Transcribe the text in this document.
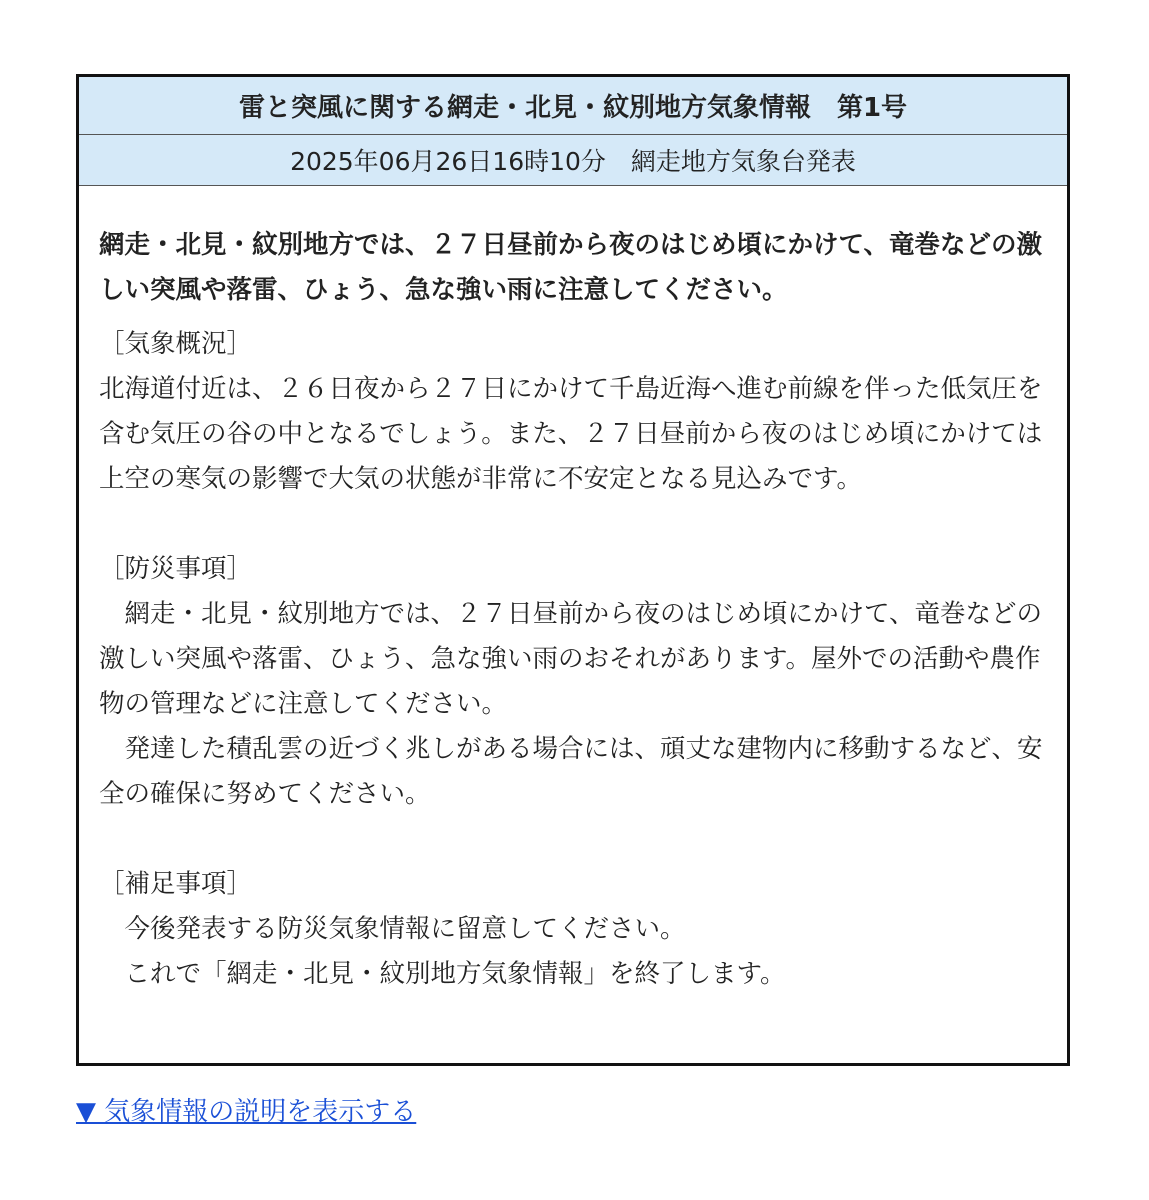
雷と突風に関する網走・北見・紋別地方気象情報　第1号
2025年06月26日16時10分　網走地方気象台発表
網走・北見・紋別地方では、２７日昼前から夜のはじめ頃にかけて、竜巻などの激しい突風や落雷、ひょう、急な強い雨に注意してください。
［気象概況］

北海道付近は、２６日夜から２７日にかけて千島近海へ進む前線を伴った低気圧を含む気圧の谷の中となるでしょう。また、２７日昼前から夜のはじめ頃にかけては上空の寒気の影響で大気の状態が非常に不安定となる見込みです。

［防災事項］

　網走・北見・紋別地方では、２７日昼前から夜のはじめ頃にかけて、竜巻などの激しい突風や落雷、ひょう、急な強い雨のおそれがあります。屋外での活動や農作物の管理などに注意してください。

　発達した積乱雲の近づく兆しがある場合には、頑丈な建物内に移動するなど、安全の確保に努めてください。

［補足事項］

　今後発表する防災気象情報に留意してください。

　これで「網走・北見・紋別地方気象情報」を終了します。

▼ 気象情報の説明を表示する
